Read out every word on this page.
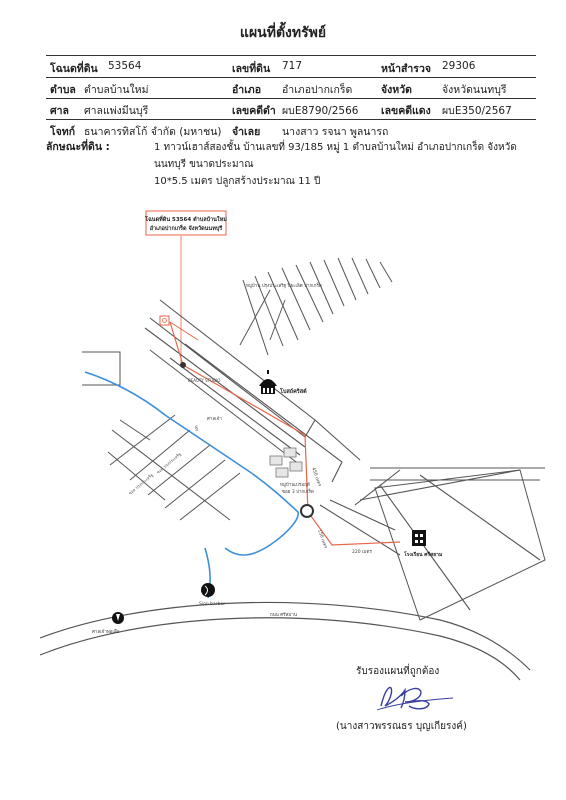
แผนที่ตั้งทรัพย์
โฉนดที่ดิน 53564	เลขที่ดิน 717	หน้าสำรวจ 29306
ตำบล ตำบลบ้านใหม่	อำเภอ อำเภอปากเกร็ด	จังหวัด	จังหวัดนนทบุรี
ศาล ศาลแพ่งมีนบุรี	เลขคดีดำ ผบE8790/2566 เลขคดีแดง ผบE350/2567
โจทก์ ธนาคารทิสโก้ จำกัด (มหาชน) จำเลย นางสาว รจนา พูลนารถ
ลักษณะที่ดิน :	1 ทาวน์เฮาส์สองชั้น บ้านเลขที่ 93/185 หมู่ 1 ตำบลบ้านใหม่ อำเภอปากเกร็ด จังหวัดนนทบุรี ขนาดประมาณ
10*5.5 เมตร ปลูกสร้างประมาณ 11 ปี
โฉนดที่ดิน 53564 ตำบลบ้านใหม่
อำเภอปากเกร็ด จังหวัดนนทบุรี
หมู่บ้าน ปรุงประเสริฐ ปิยะเลิศ ปากเกร็ด
ซอย ปรุงประเสริฐ
ซอย ปรุงประเสริฐ
ถนน ศรีสมาน
450 เมตร
150 เมตร
220 เมตร
BEAUTY STUDIO
โบสถ์คริสต์
ศาลเจ้า
§
หมู่บ้านเปรมฤดี
ซอย 3 ปากเกร็ด
โรงเรียน ศรีสยาม
Sion barber
ศาลเจ้าพ่อเสือ
รับรองแผนที่ถูกต้อง
(นางสาวพรรณธร บุญเกียรงค์)
